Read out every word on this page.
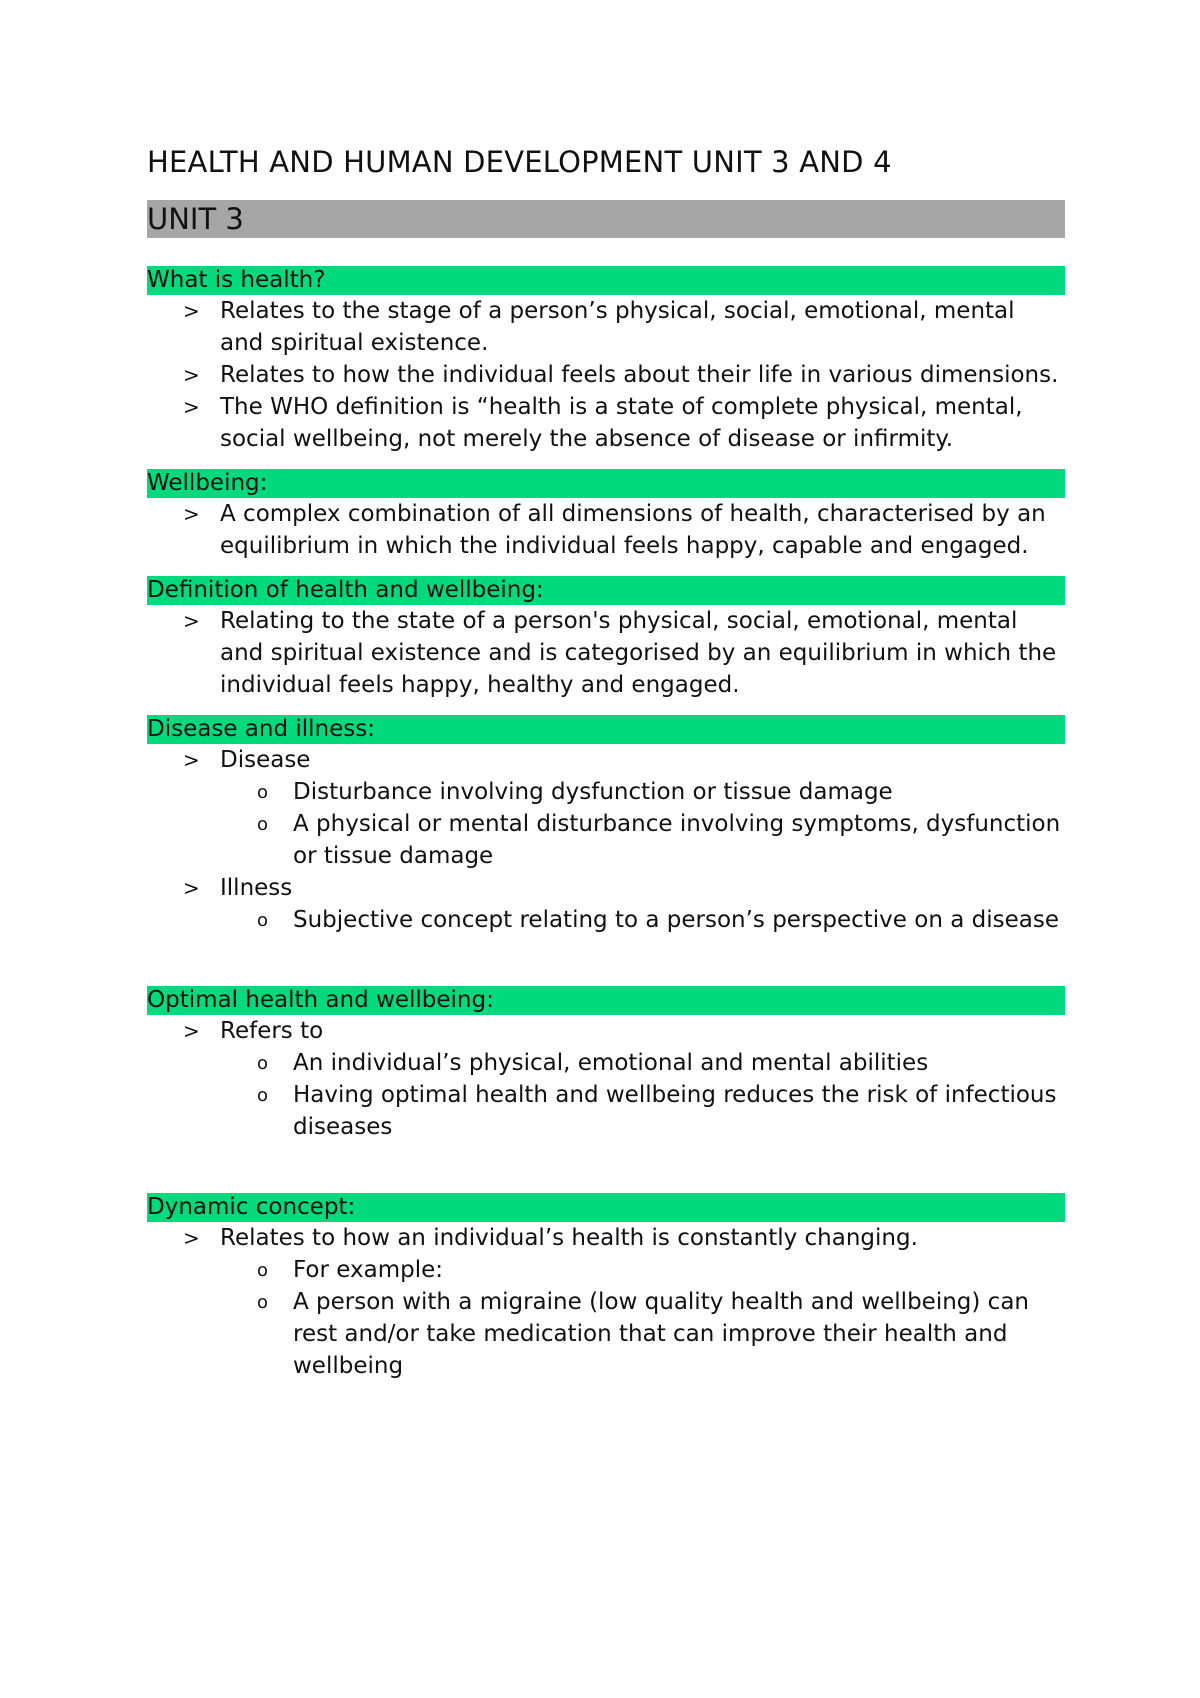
HEALTH AND HUMAN DEVELOPMENT UNIT 3 AND 4
UNIT 3
What is health?
> Relates to the stage of a person’s physical, social, emotional, mental and spiritual existence.
> Relates to how the individual feels about their life in various dimensions.
> The WHO definition is “health is a state of complete physical, mental, social wellbeing, not merely the absence of disease or infirmity.
Wellbeing:
> A complex combination of all dimensions of health, characterised by an equilibrium in which the individual feels happy, capable and engaged.
Definition of health and wellbeing:
> Relating to the state of a person's physical, social, emotional, mental and spiritual existence and is categorised by an equilibrium in which the individual feels happy, healthy and engaged.
Disease and illness:
> Disease
o Disturbance involving dysfunction or tissue damage
o A physical or mental disturbance involving symptoms, dysfunction or tissue damage
> Illness
o Subjective concept relating to a person’s perspective on a disease
Optimal health and wellbeing:
> Refers to
o An individual’s physical, emotional and mental abilities
o Having optimal health and wellbeing reduces the risk of infectious diseases
Dynamic concept:
> Relates to how an individual’s health is constantly changing.
o For example:
o A person with a migraine (low quality health and wellbeing) can rest and/or take medication that can improve their health and wellbeing
